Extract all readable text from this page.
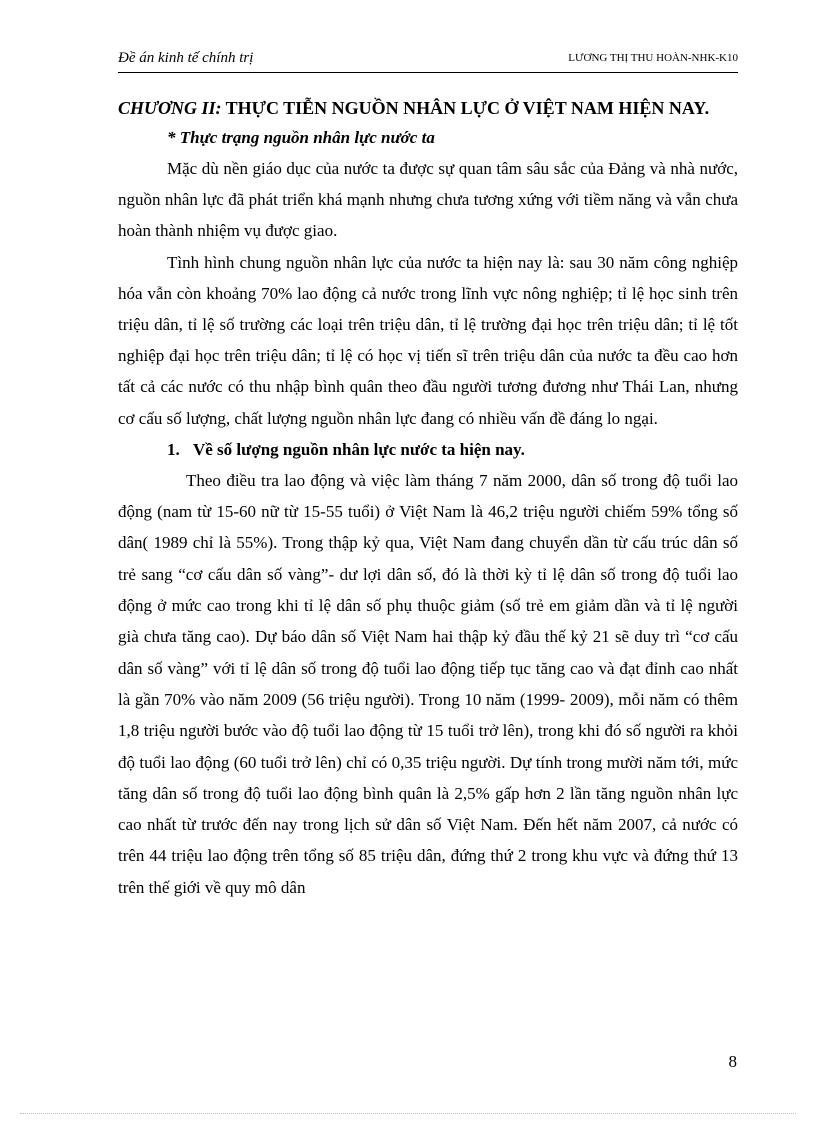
Đề án kinh tế chính trị	LƯƠNG THỊ THU HOÀN-NHK-K10

CHƯƠNG II: THỰC TIỄN NGUỒN NHÂN LỰC Ở VIỆT NAM HIỆN NAY.

* Thực trạng nguồn nhân lực nước ta

Mặc dù nền giáo dục của nước ta được sự quan tâm sâu sắc của Đảng và nhà nước, nguồn nhân lực đã phát triển khá mạnh nhưng chưa tương xứng với tiềm năng và vẫn chưa hoàn thành nhiệm vụ được giao.

Tình hình chung nguồn nhân lực của nước ta hiện nay là: sau 30 năm công nghiệp hóa vẫn còn khoảng 70% lao động cả nước trong lĩnh vực nông nghiệp; tỉ lệ học sinh trên triệu dân, tỉ lệ số trường các loại trên triệu dân, tỉ lệ trường đại học trên triệu dân; tỉ lệ tốt nghiệp đại học trên triệu dân; tỉ lệ có học vị tiến sĩ trên triệu dân của nước ta đều cao hơn tất cả các nước có thu nhập bình quân theo đầu người tương đương như Thái Lan, nhưng cơ cấu số lượng, chất lượng nguồn nhân lực đang có nhiều vấn đề đáng lo ngại.

1. Về số lượng nguồn nhân lực nước ta hiện nay.

Theo điều tra lao động và việc làm tháng 7 năm 2000, dân số trong độ tuổi lao động (nam từ 15-60 nữ từ 15-55 tuổi) ở Việt Nam là 46,2 triệu người chiếm 59% tổng số dân( 1989 chỉ là 55%). Trong thập kỷ qua, Việt Nam đang chuyển dần từ cấu trúc dân số trẻ sang “cơ cấu dân số vàng”- dư lợi dân số, đó là thời kỳ tỉ lệ dân số trong độ tuổi lao động ở mức cao trong khi tỉ lệ dân số phụ thuộc giảm (số trẻ em giảm dần và tỉ lệ người già chưa tăng cao). Dự báo dân số Việt Nam hai thập kỷ đầu thế kỷ 21 sẽ duy trì “cơ cấu dân số vàng” với tỉ lệ dân số trong độ tuổi lao động tiếp tục tăng cao và đạt đỉnh cao nhất là gần 70% vào năm 2009 (56 triệu người). Trong 10 năm (1999- 2009), mỗi năm có thêm 1,8 triệu người bước vào độ tuổi lao động từ 15 tuổi trở lên), trong khi đó số người ra khỏi độ tuổi lao động (60 tuổi trở lên) chỉ có 0,35 triệu người. Dự tính trong mười năm tới, mức tăng dân số trong độ tuổi lao động bình quân là 2,5% gấp hơn 2 lần tăng nguồn nhân lực cao nhất từ trước đến nay trong lịch sử dân số Việt Nam. Đến hết năm 2007, cả nước có trên 44 triệu lao động trên tổng số 85 triệu dân, đứng thứ 2 trong khu vực và đứng thứ 13 trên thế giới về quy mô dân

8
